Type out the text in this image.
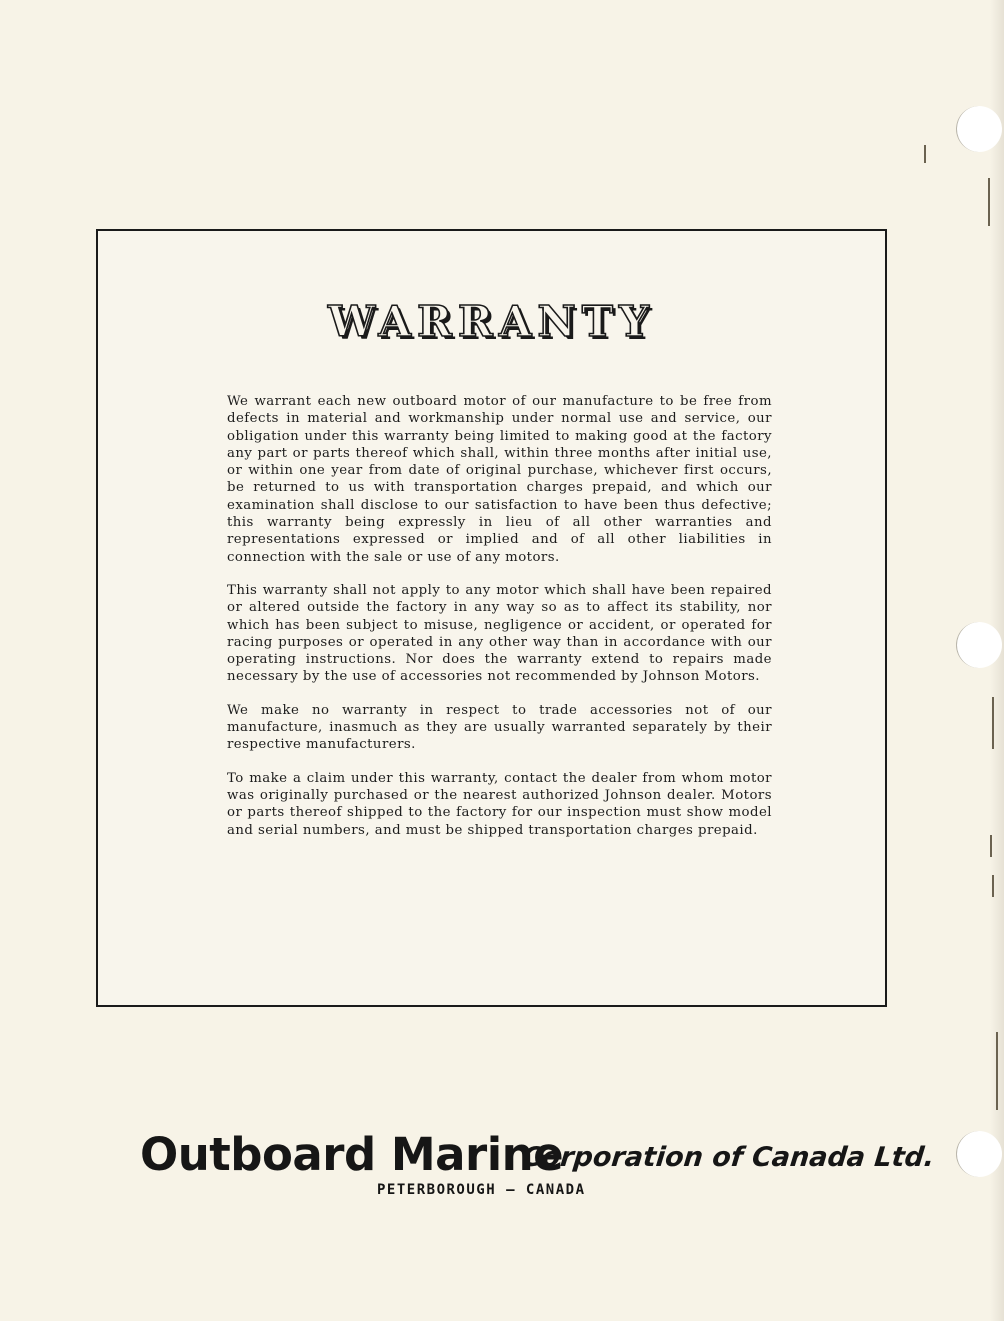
WARRANTY

We warrant each new outboard motor of our manufacture to be free from defects in material and workmanship under normal use and service, our obligation under this warranty being limited to making good at the factory any part or parts thereof which shall, within three months after initial use, or within one year from date of original purchase, whichever first occurs, be returned to us with transportation charges prepaid, and which our examination shall disclose to our satisfaction to have been thus defective; this warranty being expressly in lieu of all other warranties and representations expressed or implied and of all other liabilities in connection with the sale or use of any motors.

This warranty shall not apply to any motor which shall have been repaired or altered outside the factory in any way so as to affect its stability, nor which has been subject to misuse, negligence or accident, or operated for racing purposes or operated in any other way than in accordance with our operating instructions. Nor does the warranty extend to repairs made necessary by the use of accessories not recommended by Johnson Motors.

We make no warranty in respect to trade accessories not of our manufacture, inasmuch as they are usually warranted separately by their respective manufacturers.

To make a claim under this warranty, contact the dealer from whom motor was originally purchased or the nearest authorized Johnson dealer. Motors or parts thereof shipped to the factory for our inspection must show model and serial numbers, and must be shipped transportation charges prepaid.

Outboard Marine
Corporation of Canada Ltd.
PETERBOROUGH — CANADA
